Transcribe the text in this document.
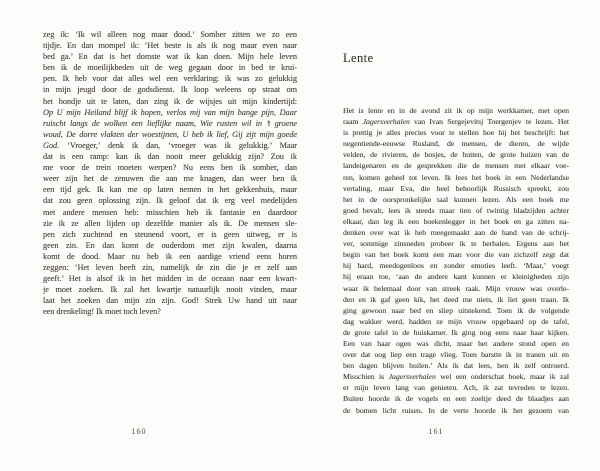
zeg ik: ‘Ik wil alleen nog maar dood.’ Somber zitten we zo een
tijdje. En dan mompel ik: ‘Het beste is als ik nog maar even naar
bed ga.’ En dat is het domste wat ik kan doen. Mijn hele leven
ben ik de moeilijkheden uit de weg gegaan door in bed te krui-
pen. Ik heb voor dat alles wel een verklaring: ik was zo gelukkig
in mijn jeugd door de godsdienst. Ik loop weleens op straat om
het hondje uit te laten, dan zing ik de wijsjes uit mijn kindertijd:
Op U mijn Heiland blijf ik hopen, verlos mij van mijn bange pijn, Daar
ruischt langs de wolken een lieflijke naam, Wie rusten wil in ’t groene
woud, De dorre vlakten der woestijnen, U heb ik lief, Gij zijt mijn goede
God. ‘Vroeger,’ denk ik dan, ‘vroeger was ik gelukkig.’ Maar
dat is een ramp: kan ik dan nooit meer gelukkig zijn? Zou ik
me voor de trein moeten werpen? Nu eens ben ik somber, dan
weer zijn het de zenuwen die aan me knagen, dan weer ben ik
een tijd gek. Ik kan me op laten nemen in het gekkenhuis, maar
dat zou geen oplossing zijn. Ik geloof dat ik erg veel medelijden
met andere mensen heb: misschien heb ik fantasie en daardoor
zie ik ze allen lijden op dezelfde manier als ik. De mensen sle-
pen zich zuchtend en steunend voort, er is geen uitweg, er is
geen zin. En dan komt de ouderdom met zijn kwalen, daarna
komt de dood. Maar nu heb ik een aardige vriend eens horen
zeggen: ‘Het leven heeft zin, namelijk de zin die je er zelf aan
geeft.’ Het is alsof ik in het midden in de oceaan naar een kwart-
je moet zoeken. Ik zal het kwartje natuurlijk nooit vinden, maar
laat het zoeken dan mijn zin zijn. God! Strek Uw hand uit naar
een drenkeling! Ik moet toch leven?
160
Lente
Het is lente en in de avond zit ik op mijn werkkamer, met open
raam Jagersverhalen van Ivan Sergejevitsj Toergenjev te lezen. Het
is prettig je alles precies voor te stellen hoe hij het beschrijft: het
negentiende-eeuwse Rusland, de mensen, de dieren, de wijde
velden, de rivieren, de bosjes, de hutten, de grote huizen van de
landeigenaren en de gesprekken die de mensen met elkaar voe-
ren, komen geheel tot leven. Ik lees het boek in een Nederlandse
vertaling, maar Eva, die heel behoorlijk Russisch spreekt, zou
het in de oorspronkelijke taal kunnen lezen. Als een boek me
goed bevalt, lees ik steeds maar tien of twintig bladzijden achter
elkaar, dan leg ik een boekenlegger in het boek en ga zitten na-
denken over wat ik heb meegemaakt aan de hand van de schrij-
ver, sommige zinsneden probeer ik te herhalen. Ergens aan het
begin van het boek komt een man voor die van zichzelf zegt dat
hij hard, meedogenloos en zonder emoties leeft. ‘Maar,’ voegt
hij eraan toe, ‘aan de andere kant kunnen er kleinigheden zijn
waar ik helemaal door van streek raak. Mijn vrouw was overle-
den en ik gaf geen kik, het deed me niets, ik liet geen traan. Ik
ging gewoon naar bed en sliep uitstekend. Toen ik de volgende
dag wakker werd, hadden ze mijn vrouw opgebaard op de tafel,
de grote tafel in de huiskamer. Ik ging nog eens naar haar kijken.
Een van haar ogen was dicht, maar het andere stond open en
over dat oog liep een trage vlieg. Toen barstte ik in tranen uit en
ben dagen blijven huilen.’ Als ik dat lees, ben ik zelf ontroerd.
Misschien is Jagersverhalen wel een onderschat boek, maar ik zal
er mijn leven lang van genieten. Ach, ik zat tevreden te lezen.
Buiten hoorde ik de vogels en een zoeltje deed de blaadjes aan
de bomen licht ruisen. In de verte hoorde ik het gezoem van
161
